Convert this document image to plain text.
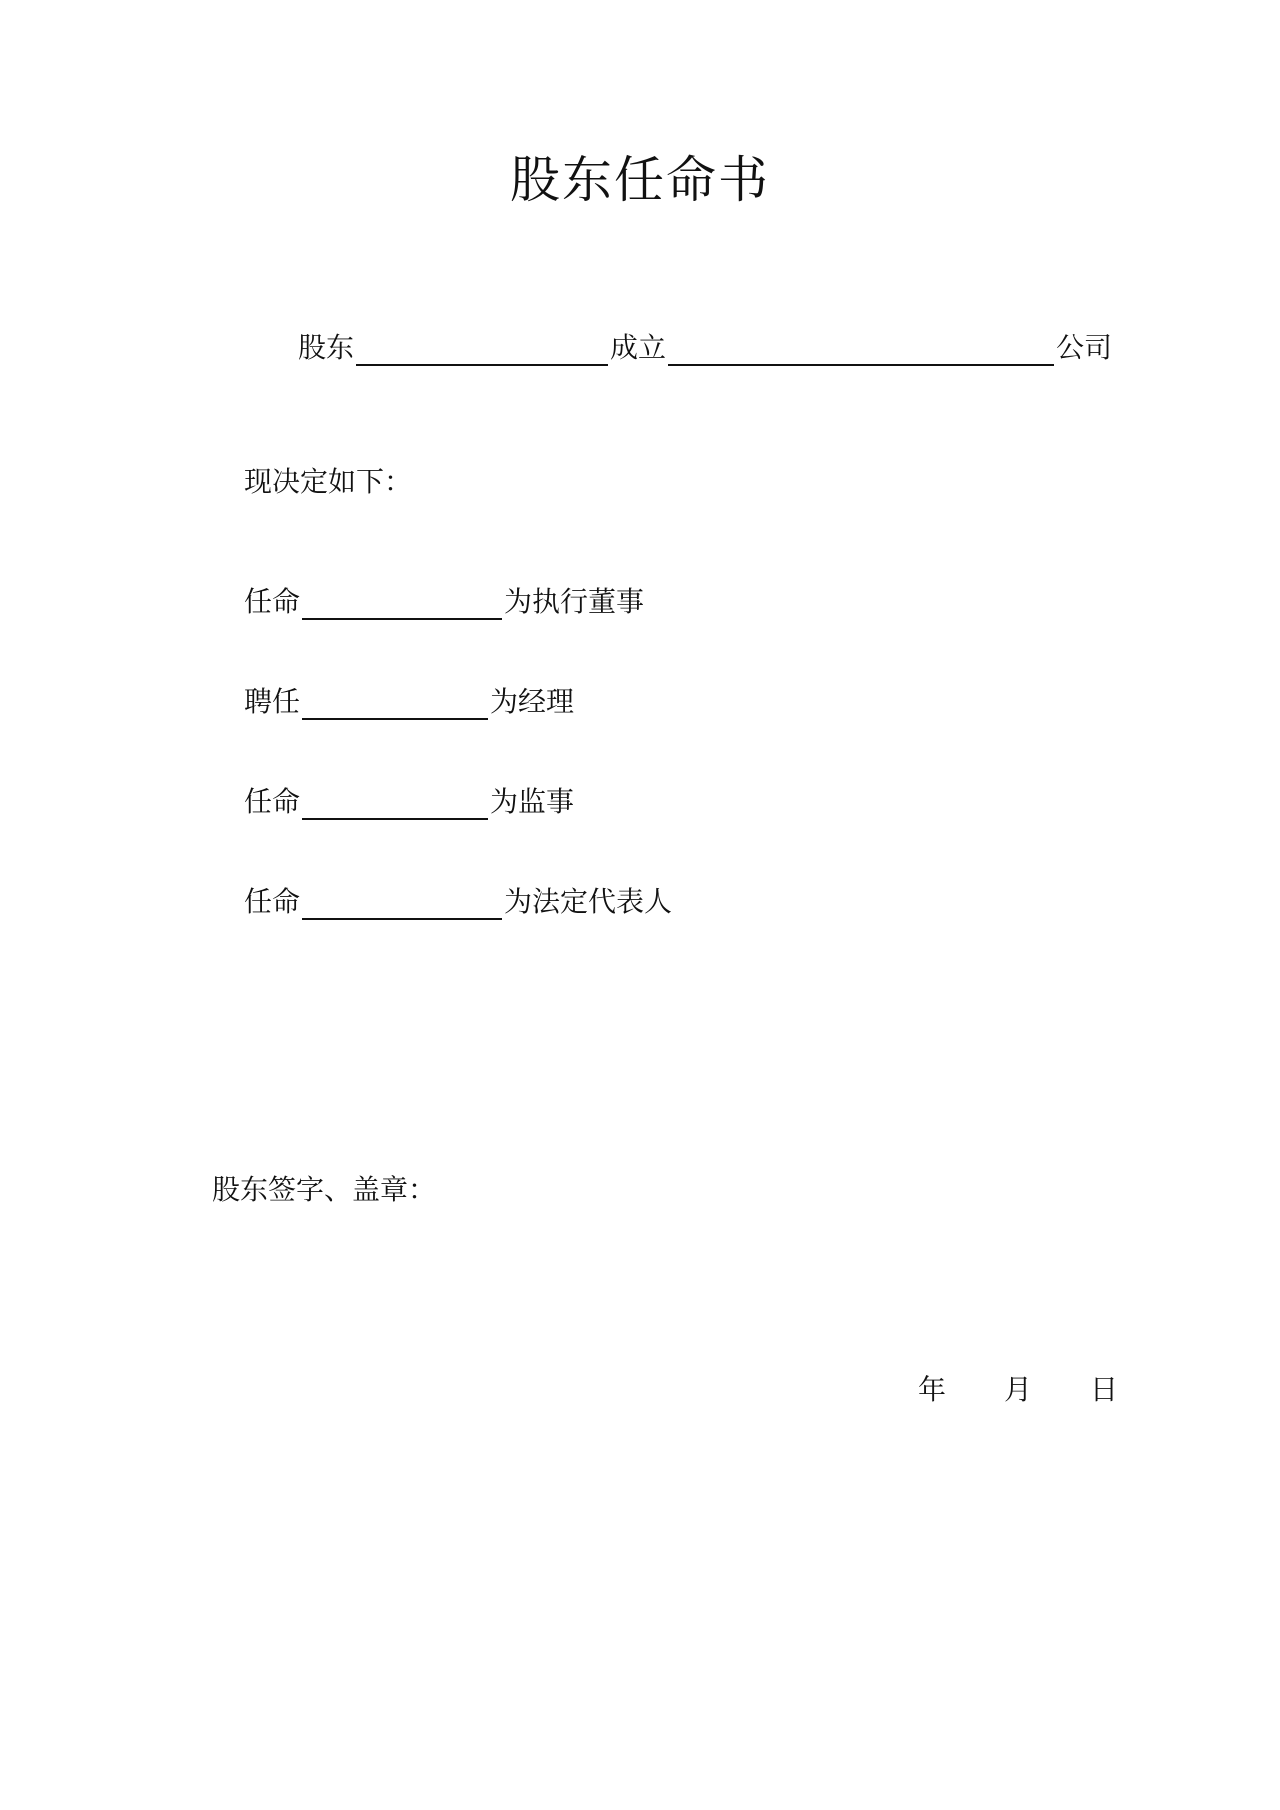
股东任命书
股东	成立	公司
现决定如下：
任命	为执行董事
聘任	为经理
任命	为监事
任命	为法定代表人
股东签字、盖章：
年 月 日
